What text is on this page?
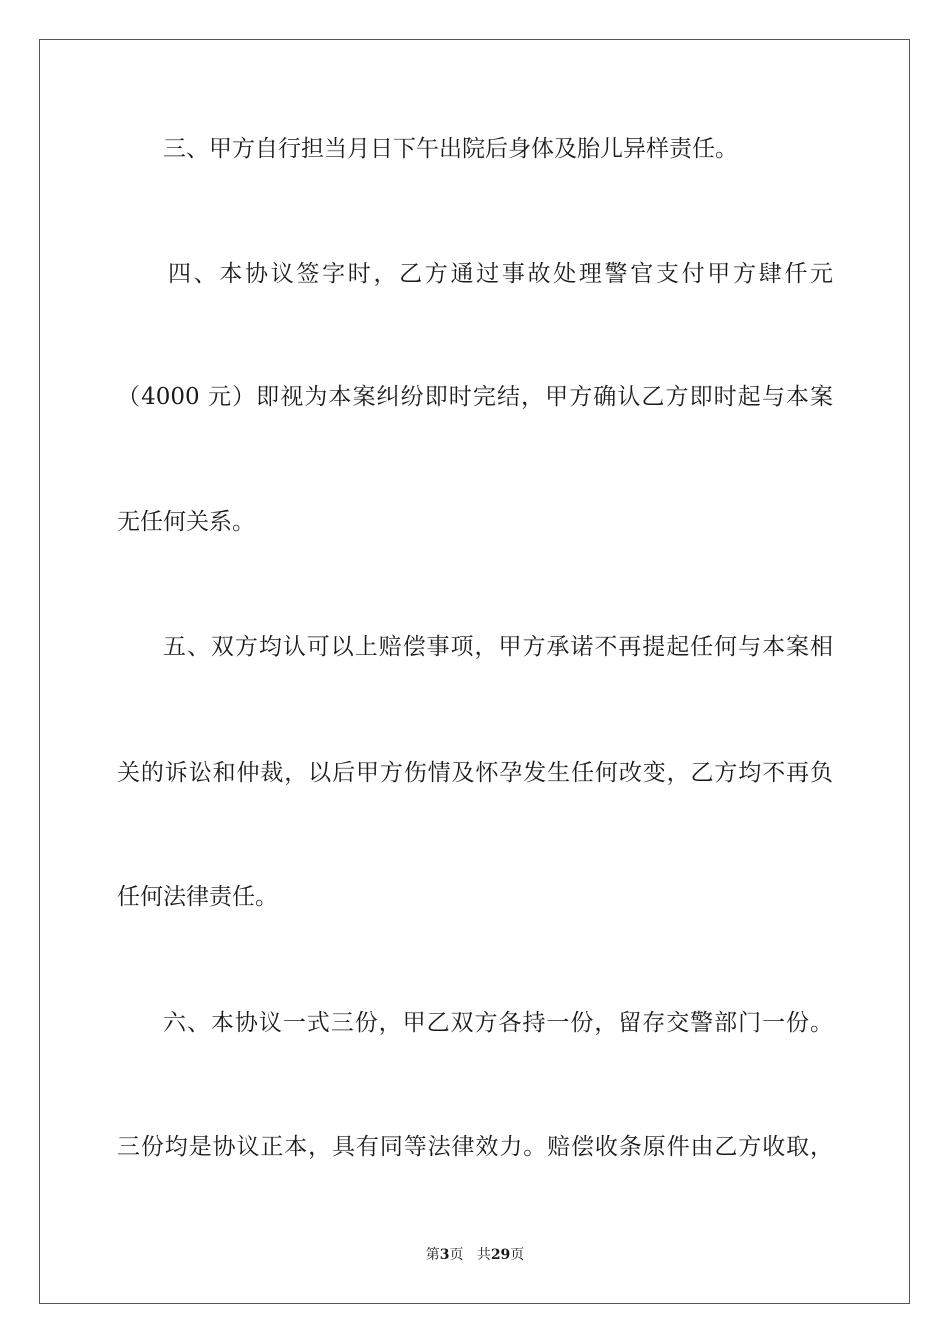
三、甲方自行担当月日下午出院后身体及胎儿异样责任。
四、本协议签字时，乙方通过事故处理警官支付甲方肆仟元
（4000 元）即视为本案纠纷即时完结，甲方确认乙方即时起与本案
无任何关系。
五、双方均认可以上赔偿事项，甲方承诺不再提起任何与本案相
关的诉讼和仲裁，以后甲方伤情及怀孕发生任何改变，乙方均不再负
任何法律责任。
六、本协议一式三份，甲乙双方各持一份，留存交警部门一份。
三份均是协议正本，具有同等法律效力。赔偿收条原件由乙方收取，
第3页 共29页
